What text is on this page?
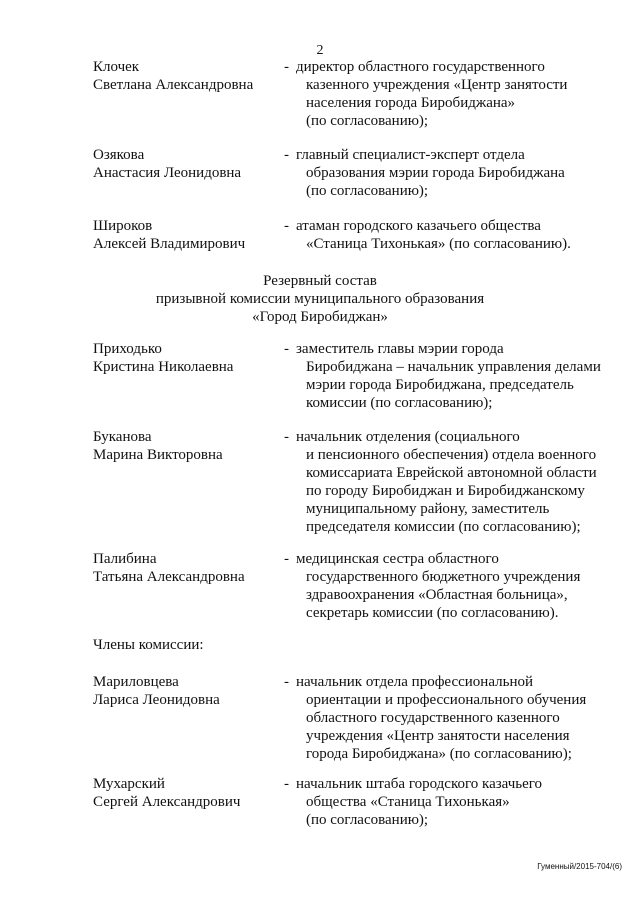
2
Клочек
Светлана Александровна
- директор областного государственного
казенного учреждения «Центр занятости
населения города Биробиджана»
(по согласованию);
Озякова
Анастасия Леонидовна
- главный специалист-эксперт отдела
образования мэрии города Биробиджана
(по согласованию);
Широков
Алексей Владимирович
- атаман городского казачьего общества
«Станица Тихонькая» (по согласованию).
Резервный состав
призывной комиссии муниципального образования
«Город Биробиджан»
Приходько
Кристина Николаевна
- заместитель главы мэрии города
Биробиджана – начальник управления делами
мэрии города Биробиджана, председатель
комиссии (по согласованию);
Буканова
Марина Викторовна
- начальник отделения (социального
и пенсионного обеспечения) отдела военного
комиссариата Еврейской автономной области
по городу Биробиджан и Биробиджанскому
муниципальному району, заместитель
председателя комиссии (по согласованию);
Палибина
Татьяна Александровна
- медицинская сестра областного
государственного бюджетного учреждения
здравоохранения «Областная больница»,
секретарь комиссии (по согласованию).
Члены комиссии:
Мариловцева
Лариса Леонидовна
- начальник отдела профессиональной
ориентации и профессионального обучения
областного государственного казенного
учреждения «Центр занятости населения
города Биробиджана» (по согласованию);
Мухарский
Сергей Александрович
- начальник штаба городского казачьего
общества «Станица Тихонькая»
(по согласованию);
Гуменный/2015-704/(6)
